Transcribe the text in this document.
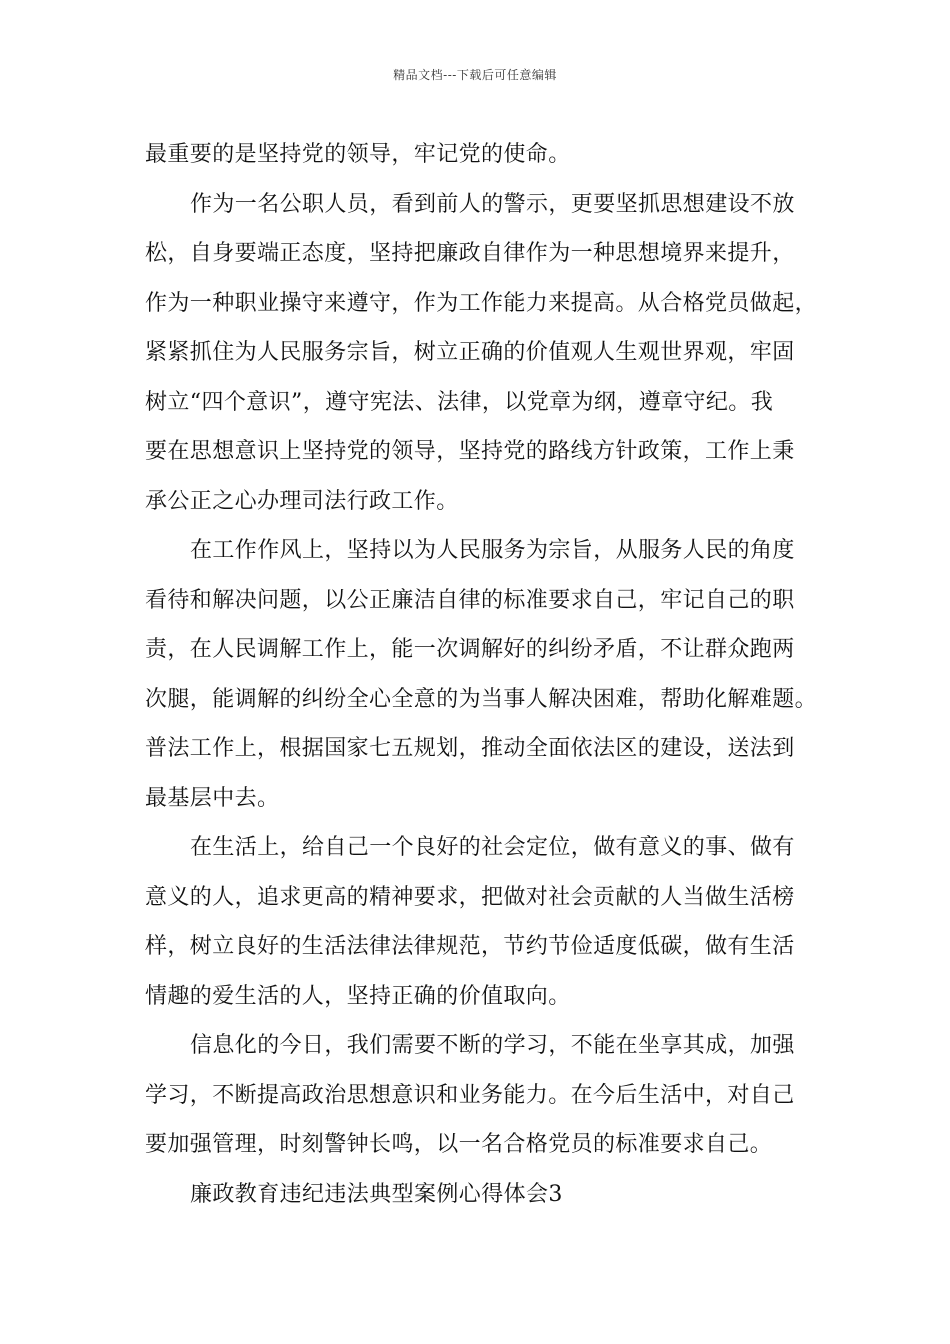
精品文档---下载后可任意编辑
最重要的是坚持党的领导，牢记党的使命。
作为一名公职人员，看到前人的警示，更要坚抓思想建设不放
松，自身要端正态度，坚持把廉政自律作为一种思想境界来提升，
作为一种职业操守来遵守，作为工作能力来提高。从合格党员做起，
紧紧抓住为人民服务宗旨，树立正确的价值观人生观世界观，牢固
树立“四个意识”，遵守宪法、法律，以党章为纲，遵章守纪。我
要在思想意识上坚持党的领导，坚持党的路线方针政策，工作上秉
承公正之心办理司法行政工作。
在工作作风上，坚持以为人民服务为宗旨，从服务人民的角度
看待和解决问题，以公正廉洁自律的标准要求自己，牢记自己的职
责，在人民调解工作上，能一次调解好的纠纷矛盾，不让群众跑两
次腿，能调解的纠纷全心全意的为当事人解决困难，帮助化解难题。
普法工作上，根据国家七五规划，推动全面依法区的建设，送法到
最基层中去。
在生活上，给自己一个良好的社会定位，做有意义的事、做有
意义的人，追求更高的精神要求，把做对社会贡献的人当做生活榜
样，树立良好的生活法律法律规范，节约节俭适度低碳，做有生活
情趣的爱生活的人，坚持正确的价值取向。
信息化的今日，我们需要不断的学习，不能在坐享其成，加强
学习，不断提高政治思想意识和业务能力。在今后生活中，对自己
要加强管理，时刻警钟长鸣，以一名合格党员的标准要求自己。
廉政教育违纪违法典型案例心得体会3
